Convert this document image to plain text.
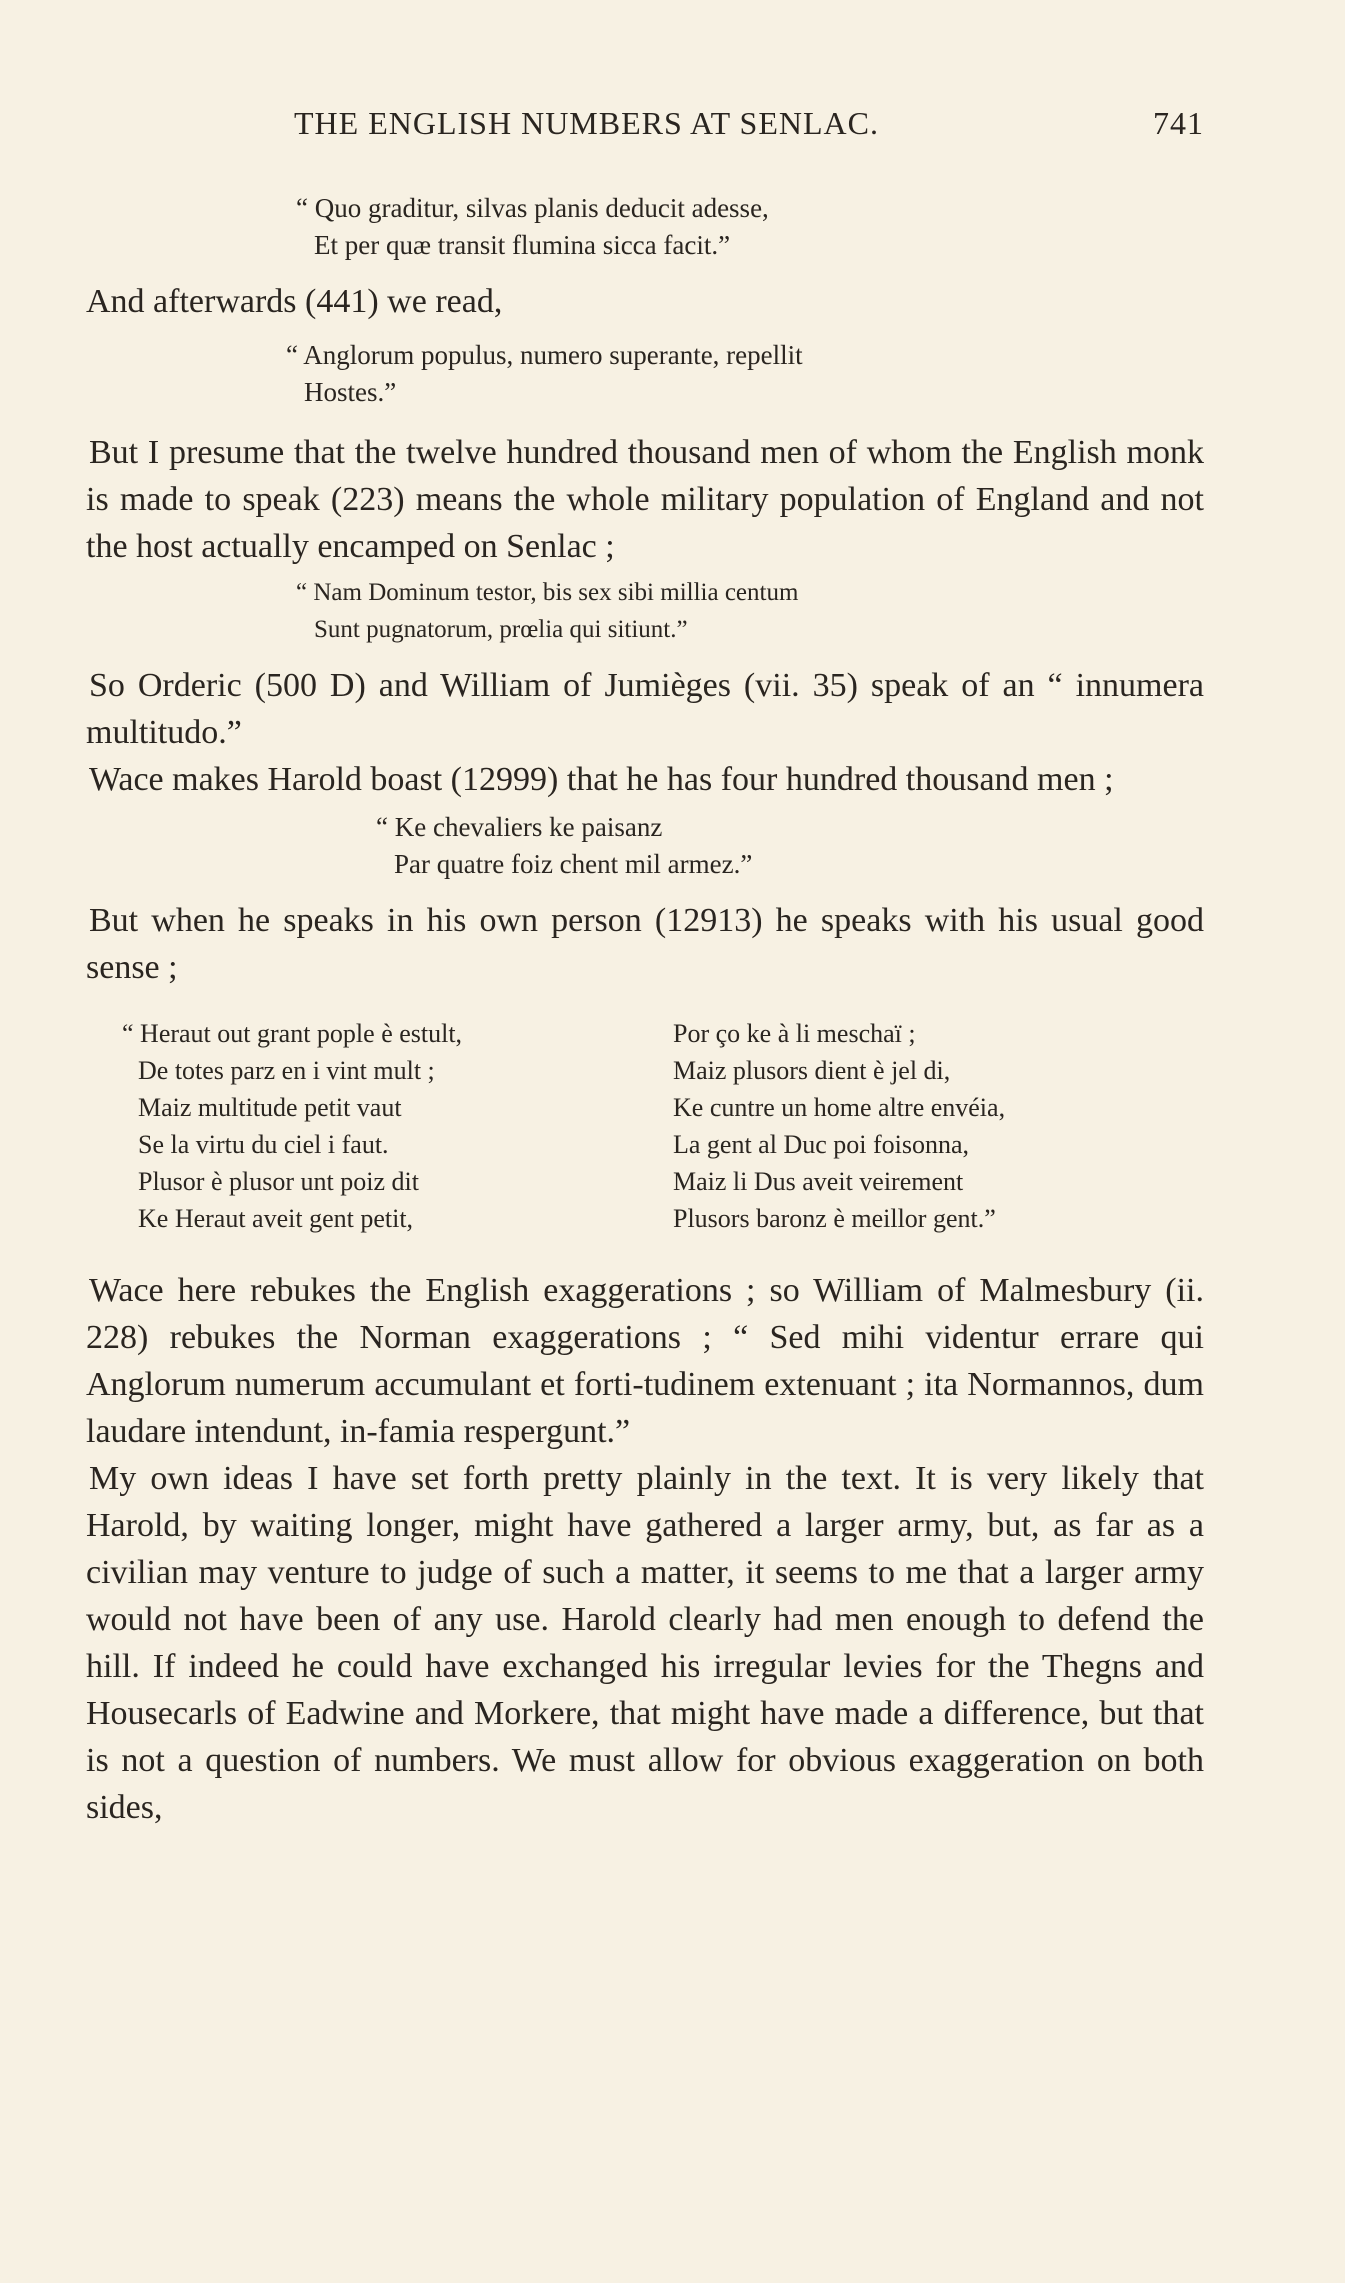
THE ENGLISH NUMBERS AT SENLAC.	741
“ Quo graditur, silvas planis deducit adesse,
Et per quæ transit flumina sicca facit.”

And afterwards (441) we read,

“ Anglorum populus, numero superante, repellit
Hostes.”

But I presume that the twelve hundred thousand men of whom the English monk is made to speak (223) means the whole military population of England and not the host actually encamped on Senlac ;

“ Nam Dominum testor, bis sex sibi millia centum
Sunt pugnatorum, prœlia qui sitiunt.”

So Orderic (500 D) and William of Jumièges (vii. 35) speak of an “ innumera multitudo.”

Wace makes Harold boast (12999) that he has four hundred thousand men ;

“ Ke chevaliers ke paisanz
Par quatre foiz chent mil armez.”

But when he speaks in his own person (12913) he speaks with his usual good sense ;

“ Heraut out grant pople è estult,
De totes parz en i vint mult ;
Maiz multitude petit vaut
Se la virtu du ciel i faut.
Plusor è plusor unt poiz dit
Ke Heraut aveit gent petit,
Por ço ke à li meschaï ;
Maiz plusors dient è jel di,
Ke cuntre un home altre envéia,
La gent al Duc poi foisonna,
Maiz li Dus aveit veirement
Plusors baronz è meillor gent.”

Wace here rebukes the English exaggerations ; so William of Malmesbury (ii. 228) rebukes the Norman exaggerations ; “ Sed mihi videntur errare qui Anglorum numerum accumulant et forti-tudinem extenuant ; ita Normannos, dum laudare intendunt, in-famia respergunt.”

My own ideas I have set forth pretty plainly in the text. It is very likely that Harold, by waiting longer, might have gathered a larger army, but, as far as a civilian may venture to judge of such a matter, it seems to me that a larger army would not have been of any use. Harold clearly had men enough to defend the hill. If indeed he could have exchanged his irregular levies for the Thegns and Housecarls of Eadwine and Morkere, that might have made a difference, but that is not a question of numbers. We must allow for obvious exaggeration on both sides,
